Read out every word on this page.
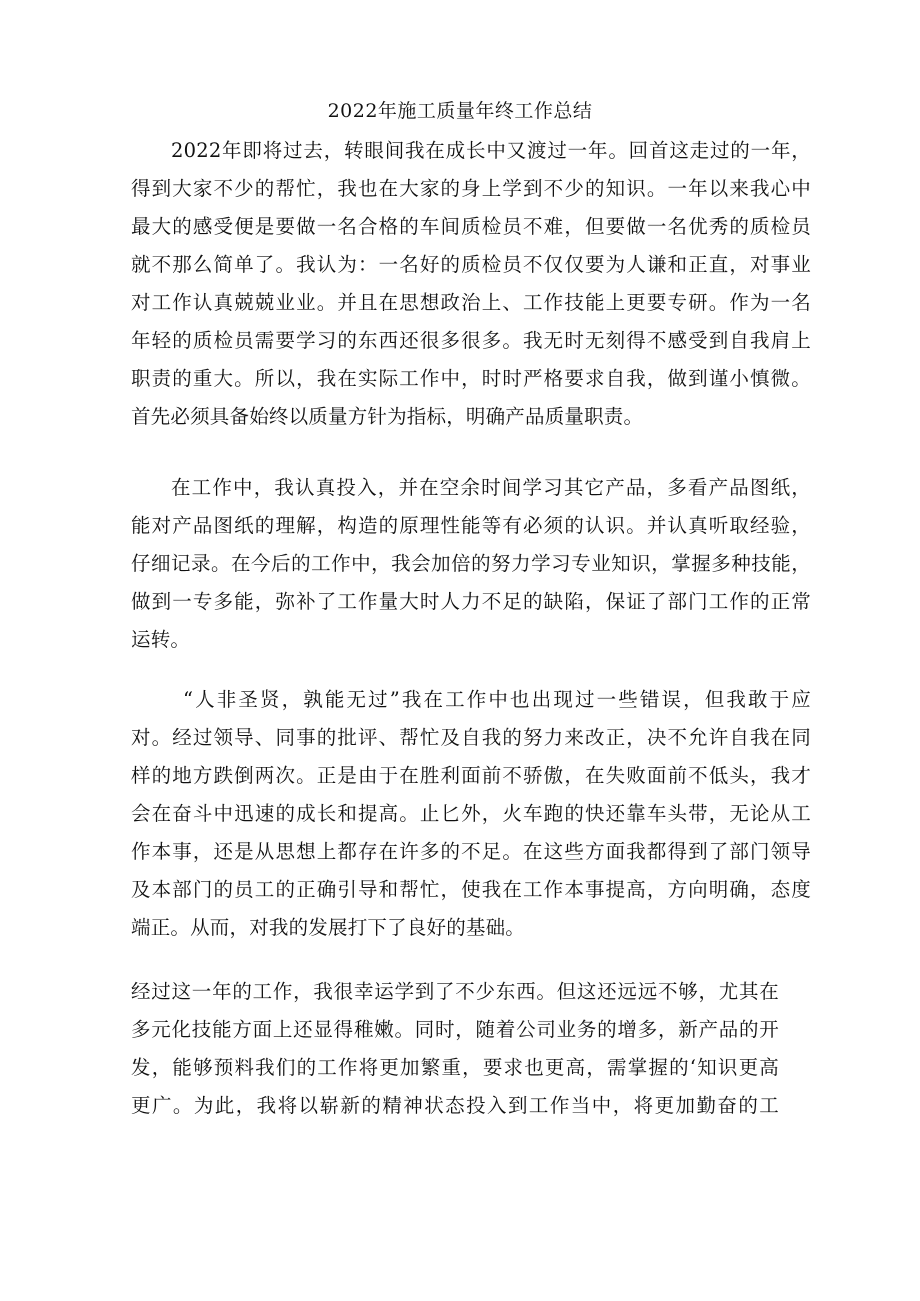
2022年施工质量年终工作总结
2022年即将过去，转眼间我在成长中又渡过一年。回首这走过的一年，
得到大家不少的帮忙，我也在大家的身上学到不少的知识。一年以来我心中
最大的感受便是要做一名合格的车间质检员不难，但要做一名优秀的质检员
就不那么简单了。我认为：一名好的质检员不仅仅要为人谦和正直，对事业
对工作认真兢兢业业。并且在思想政治上、工作技能上更要专研。作为一名
年轻的质检员需要学习的东西还很多很多。我无时无刻得不感受到自我肩上
职责的重大。所以，我在实际工作中，时时严格要求自我，做到谨小慎微。
首先必须具备始终以质量方针为指标，明确产品质量职责。
在工作中，我认真投入，并在空余时间学习其它产品，多看产品图纸，
能对产品图纸的理解，构造的原理性能等有必须的认识。并认真听取经验，
仔细记录。在今后的工作中，我会加倍的努力学习专业知识，掌握多种技能，
做到一专多能，弥补了工作量大时人力不足的缺陷，保证了部门工作的正常
运转。
“人非圣贤，孰能无过”我在工作中也出现过一些错误，但我敢于应
对。经过领导、同事的批评、帮忙及自我的努力来改正，决不允许自我在同
样的地方跌倒两次。正是由于在胜利面前不骄傲，在失败面前不低头，我才
会在奋斗中迅速的成长和提高。止匕外，火车跑的快还靠车头带，无论从工
作本事，还是从思想上都存在许多的不足。在这些方面我都得到了部门领导
及本部门的员工的正确引导和帮忙，使我在工作本事提高，方向明确，态度
端正。从而，对我的发展打下了良好的基础。
经过这一年的工作，我很幸运学到了不少东西。但这还远远不够，尤其在
多元化技能方面上还显得稚嫩。同时，随着公司业务的增多，新产品的开
发，能够预料我们的工作将更加繁重，要求也更高，需掌握的‘知识更高
更广。为此，我将以崭新的精神状态投入到工作当中，将更加勤奋的工
